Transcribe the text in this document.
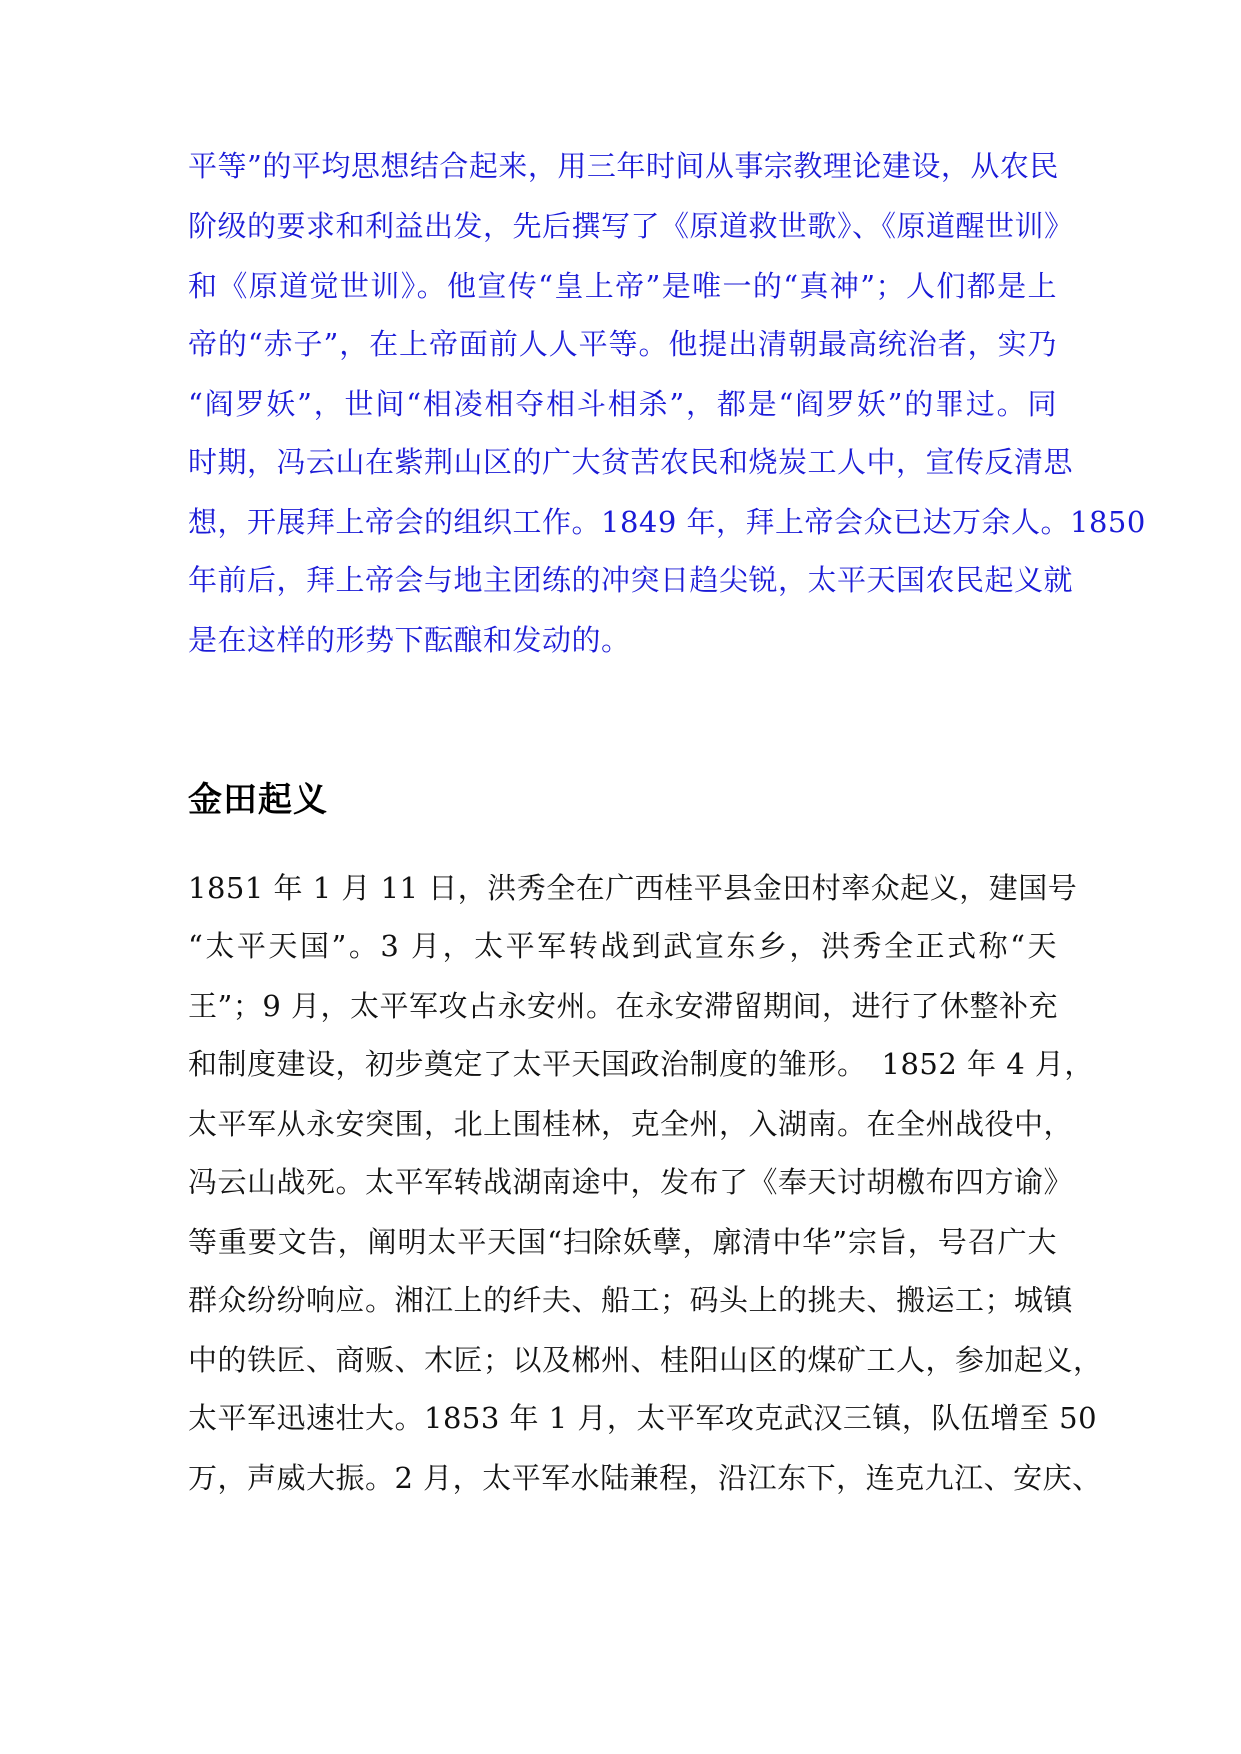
平等”的平均思想结合起来，用三年时间从事宗教理论建设，从农民
阶级的要求和利益出发，先后撰写了《原道救世歌》、《原道醒世训》
和《原道觉世训》。他宣传“皇上帝”是唯一的“真神”；人们都是上
帝的“赤子”，在上帝面前人人平等。他提出清朝最高统治者，实乃
“阎罗妖”，世间“相凌相夺相斗相杀”，都是“阎罗妖”的罪过。同
时期，冯云山在紫荆山区的广大贫苦农民和烧炭工人中，宣传反清思
想，开展拜上帝会的组织工作。1849 年，拜上帝会众已达万余人。1850
年前后，拜上帝会与地主团练的冲突日趋尖锐，太平天国农民起义就
是在这样的形势下酝酿和发动的。
金田起义
1851 年 1 月 11 日，洪秀全在广西桂平县金田村率众起义，建国号
“太平天国”。3 月，太平军转战到武宣东乡，洪秀全正式称“天
王”；9 月，太平军攻占永安州。在永安滞留期间，进行了休整补充
和制度建设，初步奠定了太平天国政治制度的雏形。　1852 年 4 月，
太平军从永安突围，北上围桂林，克全州，入湖南。在全州战役中，
冯云山战死。太平军转战湖南途中，发布了《奉天讨胡檄布四方谕》
等重要文告，阐明太平天国“扫除妖孽，廓清中华”宗旨，号召广大
群众纷纷响应。湘江上的纤夫、船工；码头上的挑夫、搬运工；城镇
中的铁匠、商贩、木匠；以及郴州、桂阳山区的煤矿工人，参加起义，
太平军迅速壮大。1853 年 1 月，太平军攻克武汉三镇，队伍增至 50
万，声威大振。2 月，太平军水陆兼程，沿江东下，连克九江、安庆、
